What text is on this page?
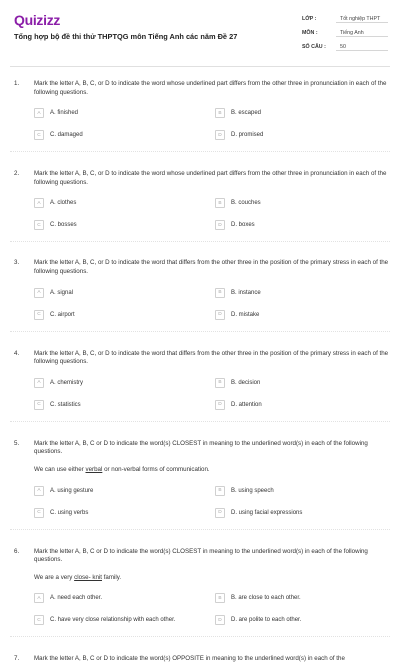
Quizizz
Tổng hợp bộ đề thi thử THPTQG môn Tiếng Anh các năm Đề 27
LỚP :	Tốt nghiệp THPT
MÔN :	Tiếng Anh
SỐ CÂU :	50
1. Mark the letter A, B, C, or D to indicate the word whose underlined part differs from the other three in pronunciation in each of the following questions.
A	A. finished	B	B. escaped
C	C. damaged	D	D. promised
2. Mark the letter A, B, C, or D to indicate the word whose underlined part differs from the other three in pronunciation in each of the following questions.
A	A. clothes	B	B. couches
C	C. bosses	D	D. boxes
3. Mark the letter A, B, C, or D to indicate the word that differs from the other three in the position of the primary stress in each of the following questions.
A	A. signal	B	B. instance
C	C. airport	D	D. mistake
4. Mark the letter A, B, C, or D to indicate the word that differs from the other three in the position of the primary stress in each of the following questions.
A	A. chemistry	B	B. decision
C	C. statistics	D	D. attention
5. Mark the letter A, B, C or D to indicate the word(s) CLOSEST in meaning to the underlined word(s) in each of the following questions.
We can use either verbal or non-verbal forms of communication.
A	A. using gesture	B	B. using speech
C	C. using verbs	D	D. using facial expressions
6. Mark the letter A, B, C or D to indicate the word(s) CLOSEST in meaning to the underlined word(s) in each of the following questions.
We are a very close- knit family.
A	A. need each other.	B	B. are close to each other.
C	C. have very close relationship with each other.	D	D. are polite to each other.
7. Mark the letter A, B, C or D to indicate the word(s) OPPOSITE in meaning to the underlined word(s) in each of the
